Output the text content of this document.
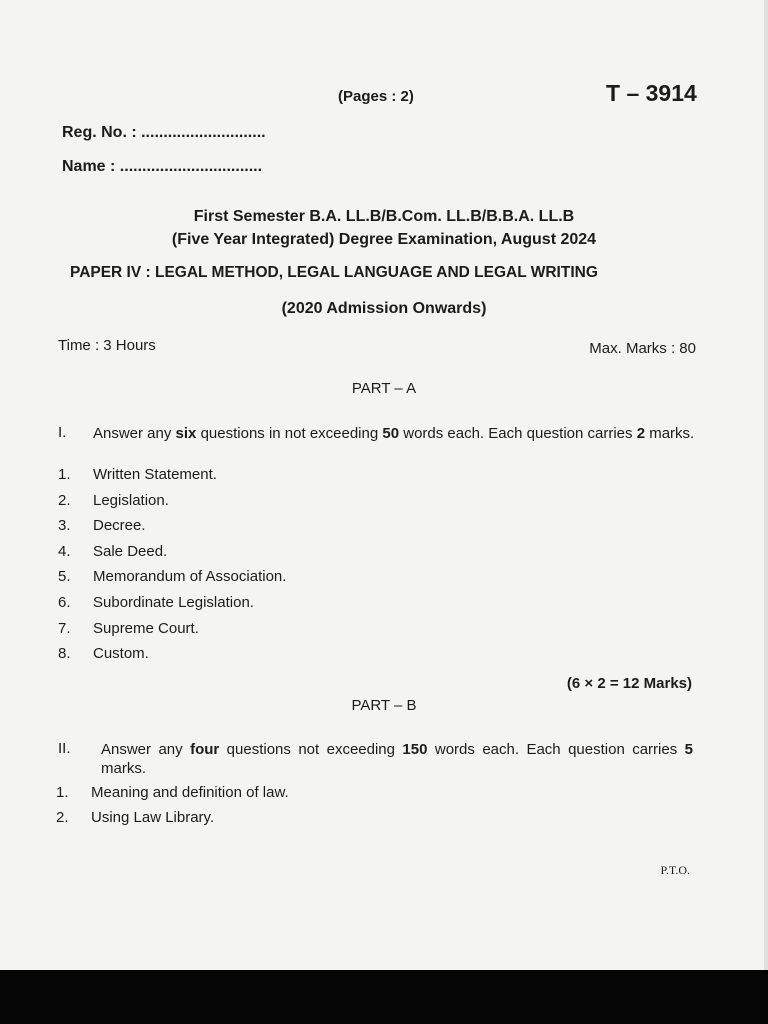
(Pages : 2)	T – 3914
Reg. No. : ............................
Name : ................................
First Semester B.A. LL.B/B.Com. LL.B/B.B.A. LL.B
(Five Year Integrated) Degree Examination, August 2024
PAPER IV : LEGAL METHOD, LEGAL LANGUAGE AND LEGAL WRITING
(2020 Admission Onwards)
Time : 3 Hours	Max. Marks : 80
PART – A
I. Answer any six questions in not exceeding 50 words each. Each question carries 2 marks.
1.	Written Statement.
2.	Legislation.
3.	Decree.
4.	Sale Deed.
5.	Memorandum of Association.
6.	Subordinate Legislation.
7.	Supreme Court.
8.	Custom.
(6 × 2 = 12 Marks)
PART – B
II. Answer any four questions not exceeding 150 words each. Each question carries 5 marks.
1.	Meaning and definition of law.
2.	Using Law Library.
P.T.O.
